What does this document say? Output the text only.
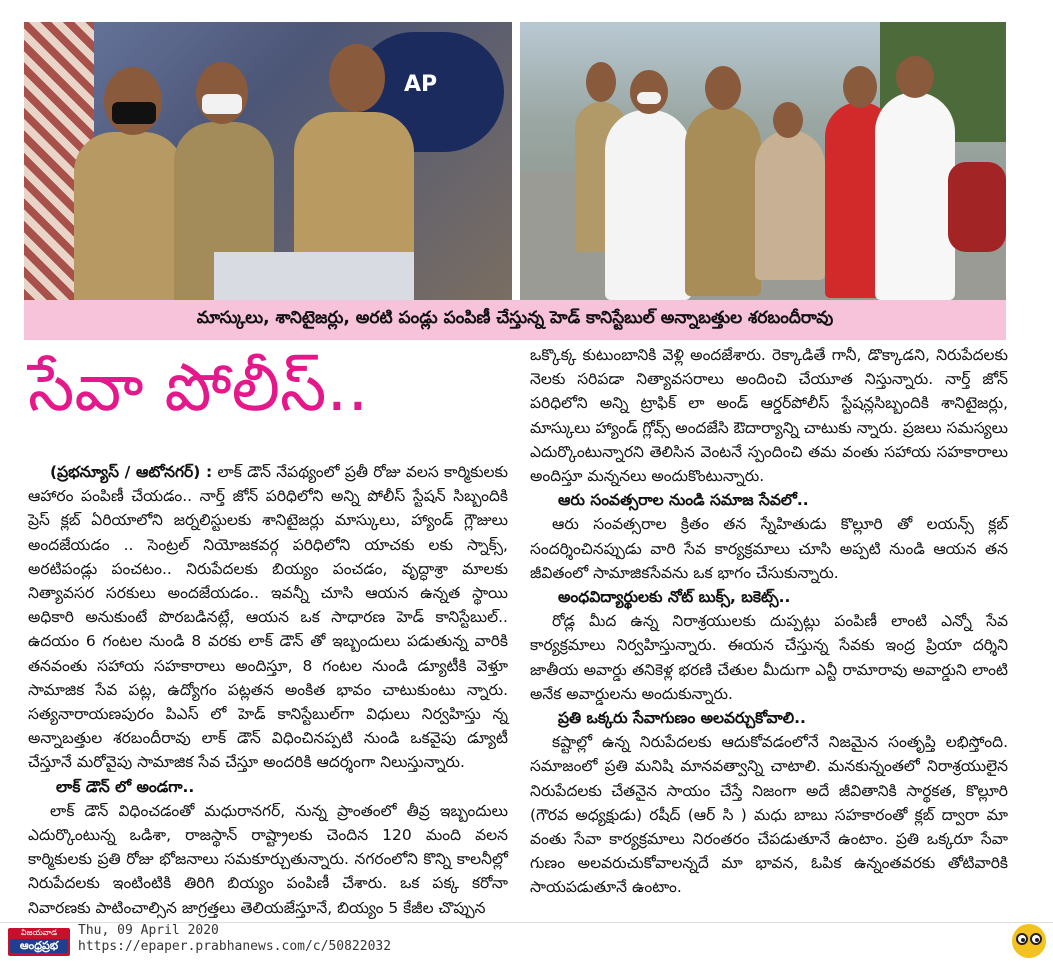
AP
మాస్కులు, శానిటైజర్లు, అరటి పండ్లు పంపిణీ చేస్తున్న హెడ్ కానిస్టేబుల్ అన్నాబత్తుల శరబందీరావు
సేవా పోలీస్..

(ప్రభన్యూస్ / ఆటోనగర్) : లాక్ డౌన్ నేపథ్యంలో ప్రతీ రోజు వలస కార్మికులకు ఆహారం పంపిణీ చేయడం.. నార్త్ జోన్ పరిధిలోని అన్ని పోలీస్ స్టేషన్ సిబ్బందికి ప్రెస్ క్లబ్ ఏరియాలోని జర్నలిస్టులకు శానిటైజర్లు మాస్కులు, హ్యాండ్ గ్లౌజులు అందజేయడం .. సెంట్రల్ నియోజకవర్గ పరిధిలోని యాచకు లకు స్నాక్స్, అరటిపండ్లు పంచటం.. నిరుపేదలకు బియ్యం పంచడం, వృద్ధాశ్రా మాలకు నిత్యావసర సరకులు అందజేయడం.. ఇవన్నీ చూసి ఆయన ఉన్నత స్థాయి అధికారి అనుకుంటే పొరబడినట్లే, ఆయన ఒక సాధారణ హెడ్ కానిస్టేబుల్.. ఉదయం 6 గంటల నుండి 8 వరకు లాక్ డౌన్ తో ఇబ్బందులు పడుతున్న వారికి తనవంతు సహాయ సహకారాలు అందిస్తూ, 8 గంటల నుండి డ్యూటీకి వెళ్తూ సామాజిక సేవ పట్ల, ఉద్యోగం పట్లతన అంకిత భావం చాటుకుంటు న్నారు. సత్యనారాయణపురం పిఎస్ లో హెడ్ కానిస్టేబుల్‌గా విధులు నిర్వహిస్తు న్న అన్నాబత్తుల శరబందీరావు లాక్ డౌన్ విధించినప్పటి నుండి ఒకవైపు డ్యూటీ చేస్తూనే మరోవైపు సామాజిక సేవ చేస్తూ అందరికి ఆదర్శంగా నిలుస్తున్నారు.

లాక్ డౌన్ లో అండగా..

లాక్ డౌన్ విధించడంతో మధురానగర్, నున్న ప్రాంతంలో తీవ్ర ఇబ్బందులు ఎదుర్కొంటున్న ఒడిశా, రాజస్థాన్ రాష్ట్రాలకు చెందిన 120 మంది వలన కార్మికులకు ప్రతి రోజు భోజనాలు సమకూర్చుతున్నారు. నగరంలోని కొన్ని కాలనీల్లో నిరుపేదలకు ఇంటింటికి తిరిగి బియ్యం పంపిణీ చేశారు. ఒక పక్క కరోనా నివారణకు పాటించాల్సిన జాగ్రత్తలు తెలియజేస్తూనే, బియ్యం 5 కేజీల చొప్పున

ఒక్కొక్క కుటుంబానికి వెళ్లి అందజేశారు. రెక్కాడితే గానీ, డొక్కాడని, నిరుపేదలకు నెలకు సరిపడా నిత్యావసరాలు అందించి చేయూత నిస్తున్నారు. నార్త్ జోన్ పరిధిలోని అన్ని ట్రాఫిక్ లా అండ్ ఆర్డర్‌పోలీస్ స్టేషన్లసిబ్బందికి శానిటైజర్లు, మాస్కులు హ్యాండ్ గ్లోవ్స్ అందజేసి ఔదార్యాన్ని చాటుకు న్నారు. ప్రజలు సమస్యలు ఎదుర్కొంటున్నారని తెలిసిన వెంటనే స్పందించి తమ వంతు సహాయ సహకారాలు అందిస్తూ మన్ననలు అందుకొంటున్నారు.

ఆరు సంవత్సరాల నుండి సమాజ సేవలో..

ఆరు సంవత్సరాల క్రితం తన స్నేహితుడు కొల్లూరి తో లయన్స్ క్లబ్ సందర్శించినప్పుడు వారి సేవ కార్యక్రమాలు చూసి అప్పటి నుండి ఆయన తన జీవితంలో సామాజికసేవను ఒక భాగం చేసుకున్నారు.

అంధవిద్యార్థులకు నోట్ బుక్స్, బకెట్స్..

రోడ్ల మీద ఉన్న నిరాశ్రయులకు దుప్పట్లు పంపిణీ లాంటి ఎన్నో సేవ కార్యక్రమాలు నిర్వహిస్తున్నారు. ఈయన చేస్తున్న సేవకు ఇంద్ర ప్రియా దర్శిని జాతీయ అవార్డు తనికెళ్ల భరణి చేతుల మీదుగా ఎన్టీ రామారావు అవార్డుని లాంటి అనేక అవార్డులను అందుకున్నారు.

ప్రతి ఒక్కరు సేవాగుణం అలవర్చుకోవాలి..

కష్టాల్లో ఉన్న నిరుపేదలకు ఆదుకోవడంలోనే నిజమైన సంతృప్తి లభిస్తోంది. సమాజంలో ప్రతి మనిషి మానవత్వాన్ని చాటాలి. మనకున్నంతలో నిరాశ్రయులైన నిరుపేదలకు చేతనైన సాయం చేస్తే నిజంగా అదే జీవితానికి సార్థకత, కొల్లూరి (గౌరవ అధ్యక్షుడు) రషీద్ (ఆర్ సి ) మధు బాబు సహకారంతో క్లబ్ ద్వారా మా వంతు సేవా కార్యక్రమాలు నిరంతరం చేపడుతూనే ఉంటాం. ప్రతి ఒక్కరూ సేవా గుణం అలవరుచుకోవాలన్నదే మా భావన, ఓపిక ఉన్నంతవరకు తోటివారికి సాయపడుతూనే ఉంటాం.

విజయవాడ
ఆంధ్రప్రభ
Thu, 09 April 2020
https://epaper.prabhanews.com/c/50822032
